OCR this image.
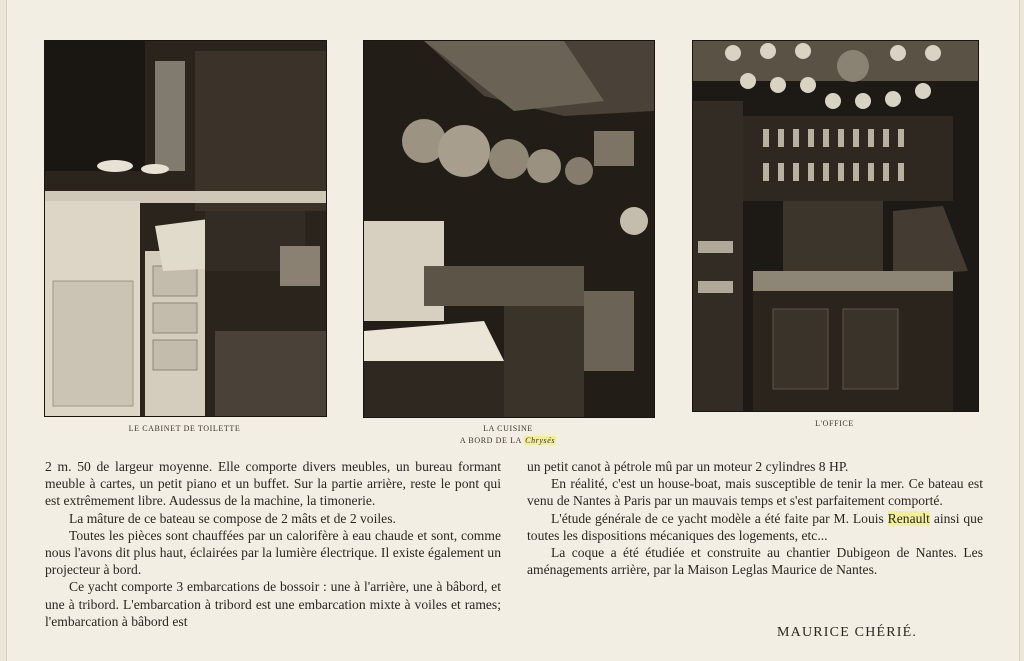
LE CABINET DE TOILETTE	LA CUISINE
A BORD DE LA Chrysés
L'OFFICE

2 m. 50 de largeur moyenne. Elle comporte divers meubles, un bureau formant meuble à cartes, un petit piano et un buffet. Sur la partie arrière, reste le pont qui est extrêmement libre. Audessus de la machine, la timonerie.

La mâture de ce bateau se compose de 2 mâts et de 2 voiles.

Toutes les pièces sont chauffées par un calorifère à eau chaude et sont, comme nous l'avons dit plus haut, éclairées par la lumière électrique. Il existe également un projecteur à bord.

Ce yacht comporte 3 embarcations de bossoir : une à l'arrière, une à bâbord, et une à tribord. L'embarcation à tribord est une embarcation mixte à voiles et rames; l'embarcation à bâbord est

un petit canot à pétrole mû par un moteur 2 cylindres 8 HP.

En réalité, c'est un house-boat, mais susceptible de tenir la mer. Ce bateau est venu de Nantes à Paris par un mauvais temps et s'est parfaitement comporté.

L'étude générale de ce yacht modèle a été faite par M. Louis Renault ainsi que toutes les dispositions mécaniques des logements, etc...

La coque a été étudiée et construite au chantier Dubigeon de Nantes. Les aménagements arrière, par la Maison Leglas Maurice de Nantes.

MAURICE CHÉRIÉ.
